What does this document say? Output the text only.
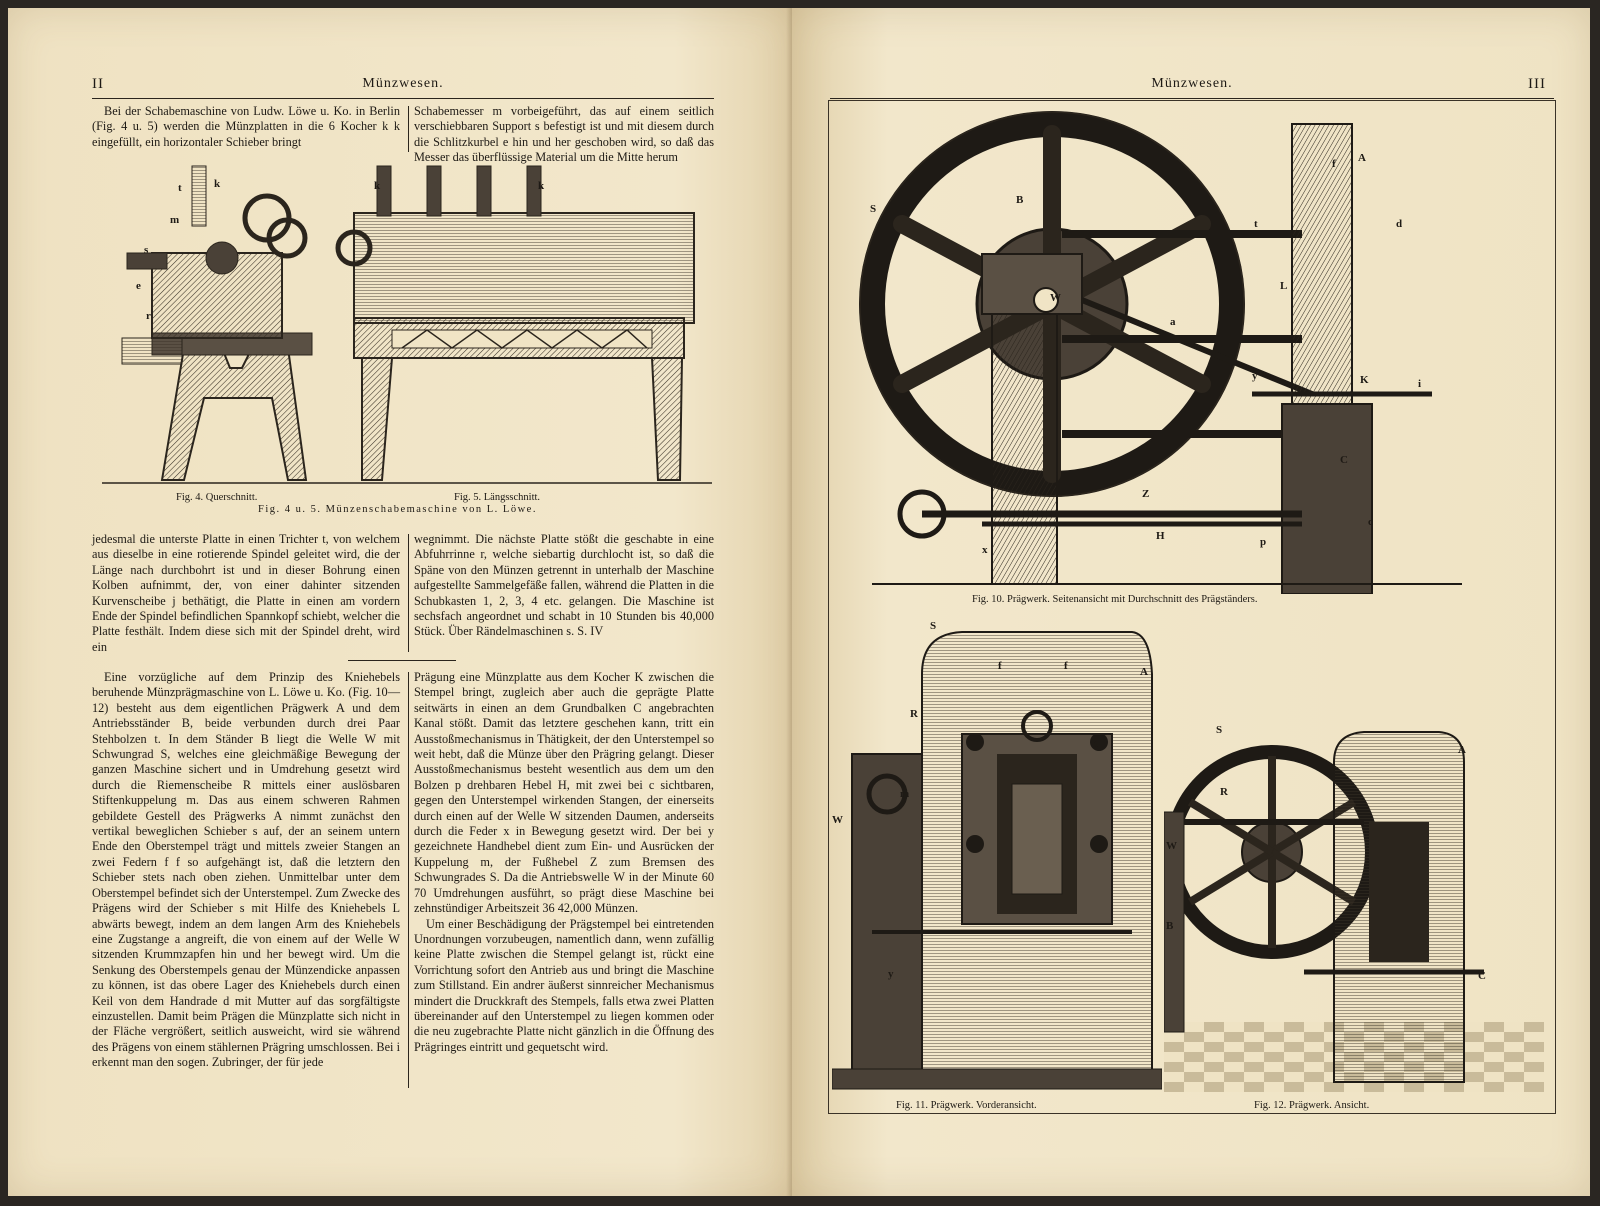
II	Münzwesen.

Bei der Schabemaschine von Ludw. Löwe u. Ko. in Berlin (Fig. 4 u. 5) werden die Münzplatten in die 6 Kocher k k eingefüllt, ein horizontaler Schieber bringt

Schabemesser m vorbeigeführt, das auf einem seitlich verschiebbaren Support s befestigt ist und mit diesem durch die Schlitzkurbel e hin und her geschoben wird, so daß das Messer das überflüssige Material um die Mitte herum

t	k
m
s
e
r
k	k
Fig. 4. Querschnitt.	Fig. 5. Längsschnitt.
Fig. 4 u. 5. Münzenschabemaschine von L. Löwe.

jedesmal die unterste Platte in einen Trichter t, von welchem aus dieselbe in eine rotierende Spindel geleitet wird, die der Länge nach durchbohrt ist und in dieser Bohrung einen Kolben aufnimmt, der, von einer dahinter sitzenden Kurvenscheibe j bethätigt, die Platte in einen am vordern Ende der Spindel befindlichen Spannkopf schiebt, welcher die Platte festhält. Indem diese sich mit der Spindel dreht, wird ein

wegnimmt. Die nächste Platte stößt die geschabte in eine Abfuhrrinne r, welche siebartig durchlocht ist, so daß die Späne von den Münzen getrennt in unterhalb der Maschine aufgestellte Sammelgefäße fallen, während die Platten in die Schubkasten 1, 2, 3, 4 etc. gelangen. Die Maschine ist sechsfach angeordnet und schabt in 10 Stunden bis 40,000 Stück. Über Rändelmaschinen s. S. IV

Eine vorzügliche auf dem Prinzip des Kniehebels beruhende Münzprägmaschine von L. Löwe u. Ko. (Fig. 10—12) besteht aus dem eigentlichen Prägwerk A und dem Antriebsständer B, beide verbunden durch drei Paar Stehbolzen t. In dem Ständer B liegt die Welle W mit Schwungrad S, welches eine gleichmäßige Bewegung der ganzen Maschine sichert und in Umdrehung gesetzt wird durch die Riemenscheibe R mittels einer auslösbaren Stiftenkuppelung m. Das aus einem schweren Rahmen gebildete Gestell des Prägwerks A nimmt zunächst den vertikal beweglichen Schieber s auf, der an seinem untern Ende den Oberstempel trägt und mittels zweier Stangen an zwei Federn f f so aufgehängt ist, daß die letztern den Schieber stets nach oben ziehen. Unmittelbar unter dem Oberstempel befindet sich der Unterstempel. Zum Zwecke des Prägens wird der Schieber s mit Hilfe des Kniehebels L abwärts bewegt, indem an dem langen Arm des Kniehebels eine Zugstange a angreift, die von einem auf der Welle W sitzenden Krummzapfen hin und her bewegt wird. Um die Senkung des Oberstempels genau der Münzendicke anpassen zu können, ist das obere Lager des Kniehebels durch einen Keil von dem Handrade d mit Mutter auf das sorgfältigste einzustellen. Damit beim Prägen die Münzplatte sich nicht in der Fläche vergrößert, seitlich ausweicht, wird sie während des Prägens von einem stählernen Prägring umschlossen. Bei i erkennt man den sogen. Zubringer, der für jede

Prägung eine Münzplatte aus dem Kocher K zwischen die Stempel bringt, zugleich aber auch die geprägte Platte seitwärts in einen an dem Grundbalken C angebrachten Kanal stößt. Damit das letztere geschehen kann, tritt ein Ausstoßmechanismus in Thätigkeit, der den Unterstempel so weit hebt, daß die Münze über den Prägring gelangt. Dieser Ausstoßmechanismus besteht wesentlich aus dem um den Bolzen p drehbaren Hebel H, mit zwei bei c sichtbaren, gegen den Unterstempel wirkenden Stangen, der einerseits durch einen auf der Welle W sitzenden Daumen, anderseits durch die Feder x in Bewegung gesetzt wird. Der bei y gezeichnete Handhebel dient zum Ein- und Ausrücken der Kuppelung m, der Fußhebel Z zum Bremsen des Schwungrades S. Da die Antriebswelle W in der Minute 60 70 Umdrehungen ausführt, so prägt diese Maschine bei zehnstündiger Arbeitszeit 36 42,000 Münzen.

Um einer Beschädigung der Prägstempel bei eintretenden Unordnungen vorzubeugen, namentlich dann, wenn zufällig keine Platte zwischen die Stempel gelangt ist, rückt eine Vorrichtung sofort den Antrieb aus und bringt die Maschine zum Stillstand. Ein andrer äußerst sinnreicher Mechanismus mindert die Druckkraft des Stempels, falls etwa zwei Platten übereinander auf den Unterstempel zu liegen kommen oder die neu zugebrachte Platte nicht gänzlich in die Öffnung des Prägringes eintritt und gequetscht wird.

Münzwesen.	III
S
B
f A
d
t
L
W
a
y	K	i
C
Z
H	p
x
c
Fig. 10. Prägwerk. Seitenansicht mit Durchschnitt des Prägständers.
S
f	f	A
R
t
m
W
y
Fig. 11. Prägwerk. Vorderansicht.
S
A
R
W
B
C
Fig. 12. Prägwerk. Ansicht.
